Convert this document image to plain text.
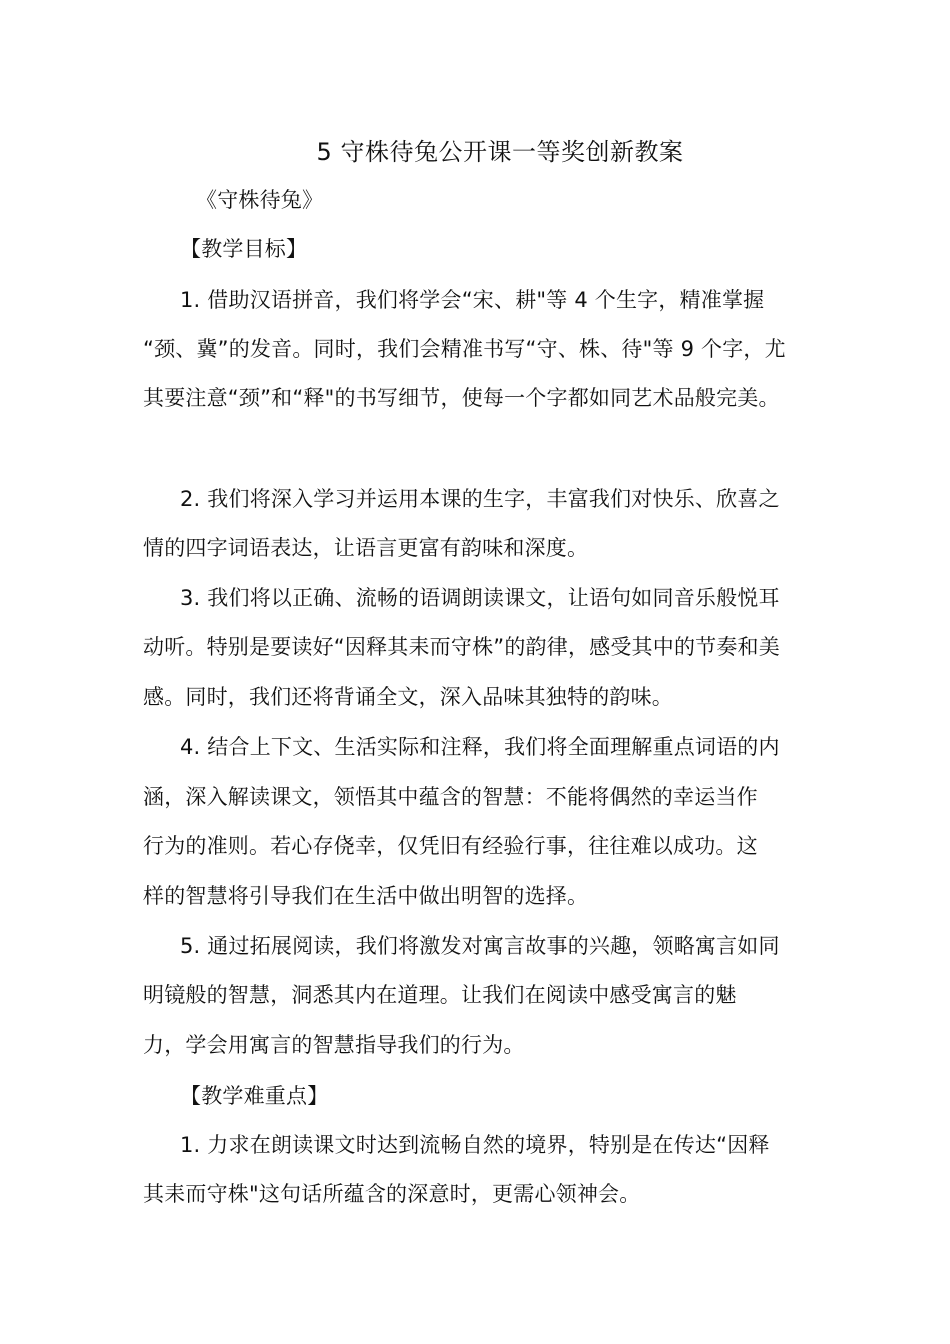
5 守株待兔公开课一等奖创新教案
《守株待兔》
【教学目标】
1. 借助汉语拼音，我们将学会“宋、耕"等 4 个生字，精准掌握
“颈、冀”的发音。同时，我们会精准书写“守、株、待"等 9 个字，尤
其要注意“颈”和“释"的书写细节，使每一个字都如同艺术品般完美。
2. 我们将深入学习并运用本课的生字，丰富我们对快乐、欣喜之
情的四字词语表达，让语言更富有韵味和深度。
3. 我们将以正确、流畅的语调朗读课文，让语句如同音乐般悦耳
动听。特别是要读好“因释其耒而守株”的韵律，感受其中的节奏和美
感。同时，我们还将背诵全文，深入品味其独特的韵味。
4. 结合上下文、生活实际和注释，我们将全面理解重点词语的内
涵，深入解读课文，领悟其中蕴含的智慧：不能将偶然的幸运当作
行为的准则。若心存侥幸，仅凭旧有经验行事，往往难以成功。这
样的智慧将引导我们在生活中做出明智的选择。
5. 通过拓展阅读，我们将激发对寓言故事的兴趣，领略寓言如同
明镜般的智慧，洞悉其内在道理。让我们在阅读中感受寓言的魅
力，学会用寓言的智慧指导我们的行为。
【教学难重点】
1. 力求在朗读课文时达到流畅自然的境界，特别是在传达“因释
其耒而守株"这句话所蕴含的深意时，更需心领神会。
